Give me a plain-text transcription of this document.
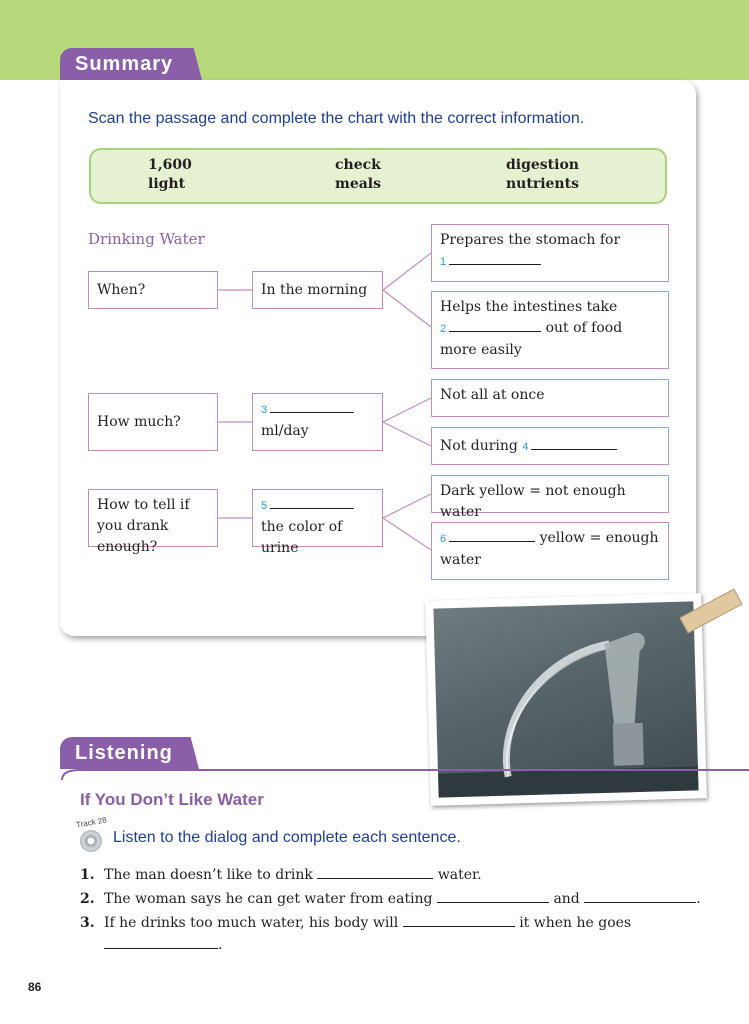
Summary
Scan the passage and complete the chart with the correct information.
1,600	check	digestion
light	meals	nutrients
Drinking Water
When?	In the morning
Prepares the stomach for
1
Helps the intestines take
2	out of food more easily
How much?
3
ml/day
Not all at once
Not during 4
How to tell if you drank enough?
5
the color of urine
Dark yellow = not enough water
6	yellow = enough water
Listening
If You Don’t Like Water
Track 28
Listen to the dialog and complete each sentence.
1. The man doesn’t like to drink	water.
2. The woman says he can get water from eating	and	.
3. If he drinks too much water, his body will	it when he goes
.
86
